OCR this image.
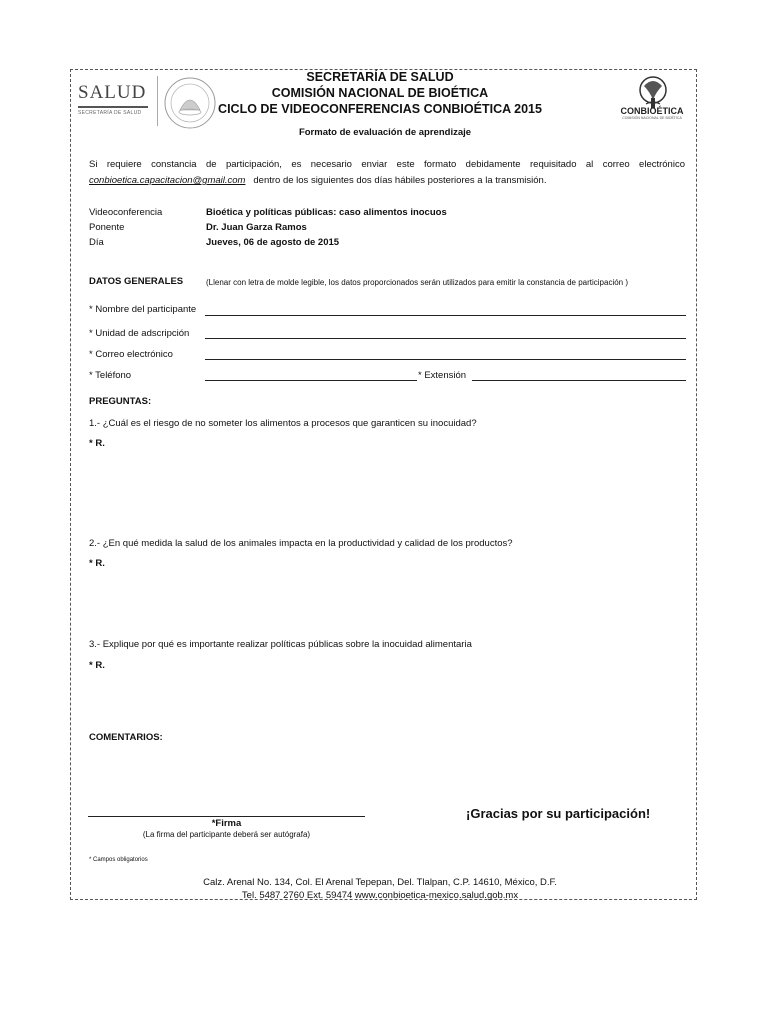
SALUD
SECRETARÍA DE SALUD	CONBIOÉTICA
COMISIÓN NACIONAL DE BIOÉTICA
SECRETARÍA DE SALUD
COMISIÓN NACIONAL DE BIOÉTICA
CICLO DE VIDEOCONFERENCIAS CONBIOÉTICA 2015
Formato de evaluación de aprendizaje
Si requiere constancia de participación, es necesario enviar este formato debidamente requisitado al correo electrónico conbioetica.capacitacion@gmail.com dentro de los siguientes dos días hábiles posteriores a la transmisión.
Videoconferencia	Bioética y políticas públicas: caso alimentos inocuos
Ponente	Dr. Juan Garza Ramos
Día	Jueves, 06 de agosto de 2015
DATOS GENERALES	(Llenar con letra de molde legible, los datos proporcionados serán utilizados para emitir la constancia de participación )
* Nombre del participante
* Unidad de adscripción
* Correo electrónico
* Teléfono	* Extensión
PREGUNTAS:
1.- ¿Cuál es el riesgo de no someter los alimentos a procesos que garanticen su inocuidad?
* R.
2.- ¿En qué medida la salud de los animales impacta en la productividad y calidad de los productos?
* R.
3.- Explique por qué es importante realizar políticas públicas sobre la inocuidad alimentaria
* R.
COMENTARIOS:
*Firma
(La firma del participante deberá ser autógrafa)
¡Gracias por su participación!
* Campos obligatorios
Calz. Arenal No. 134, Col. El Arenal Tepepan, Del. Tlalpan, C.P. 14610, México, D.F.
Tel. 5487 2760 Ext. 59474 www.conbioetica-mexico.salud.gob.mx
